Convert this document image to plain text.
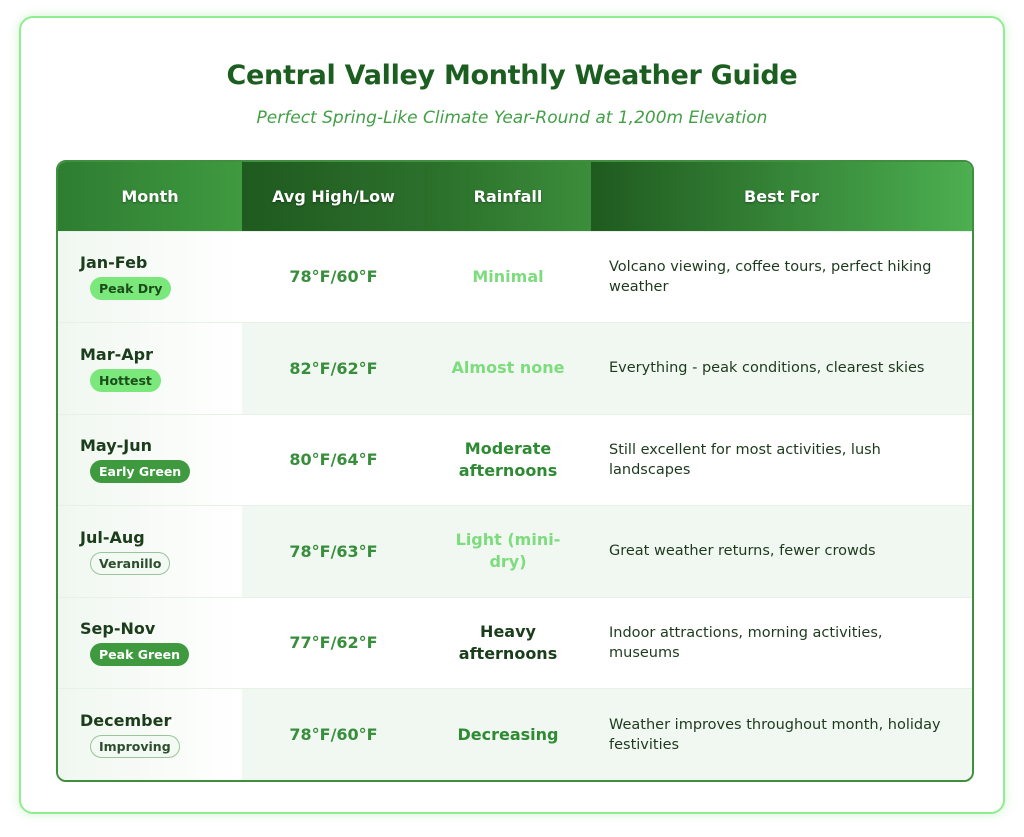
Central Valley Monthly Weather Guide
Perfect Spring-Like Climate Year-Round at 1,200m Elevation
Month	Avg High/Low	Rainfall	Best For

Jan-Feb
Peak Dry	78°F/60°F	Minimal	Volcano viewing, coffee tours, perfect hiking weather

Mar-Apr
Hottest	82°F/62°F	Almost none	Everything - peak conditions, clearest skies

May-Jun
Early Green	80°F/64°F	Moderate afternoons	Still excellent for most activities, lush landscapes

Jul-Aug
Veranillo	78°F/63°F	Light (mini-dry)	Great weather returns, fewer crowds

Sep-Nov
Peak Green	77°F/62°F	Heavy afternoons	Indoor attractions, morning activities, museums

December
Improving	78°F/60°F	Decreasing	Weather improves throughout month, holiday festivities
